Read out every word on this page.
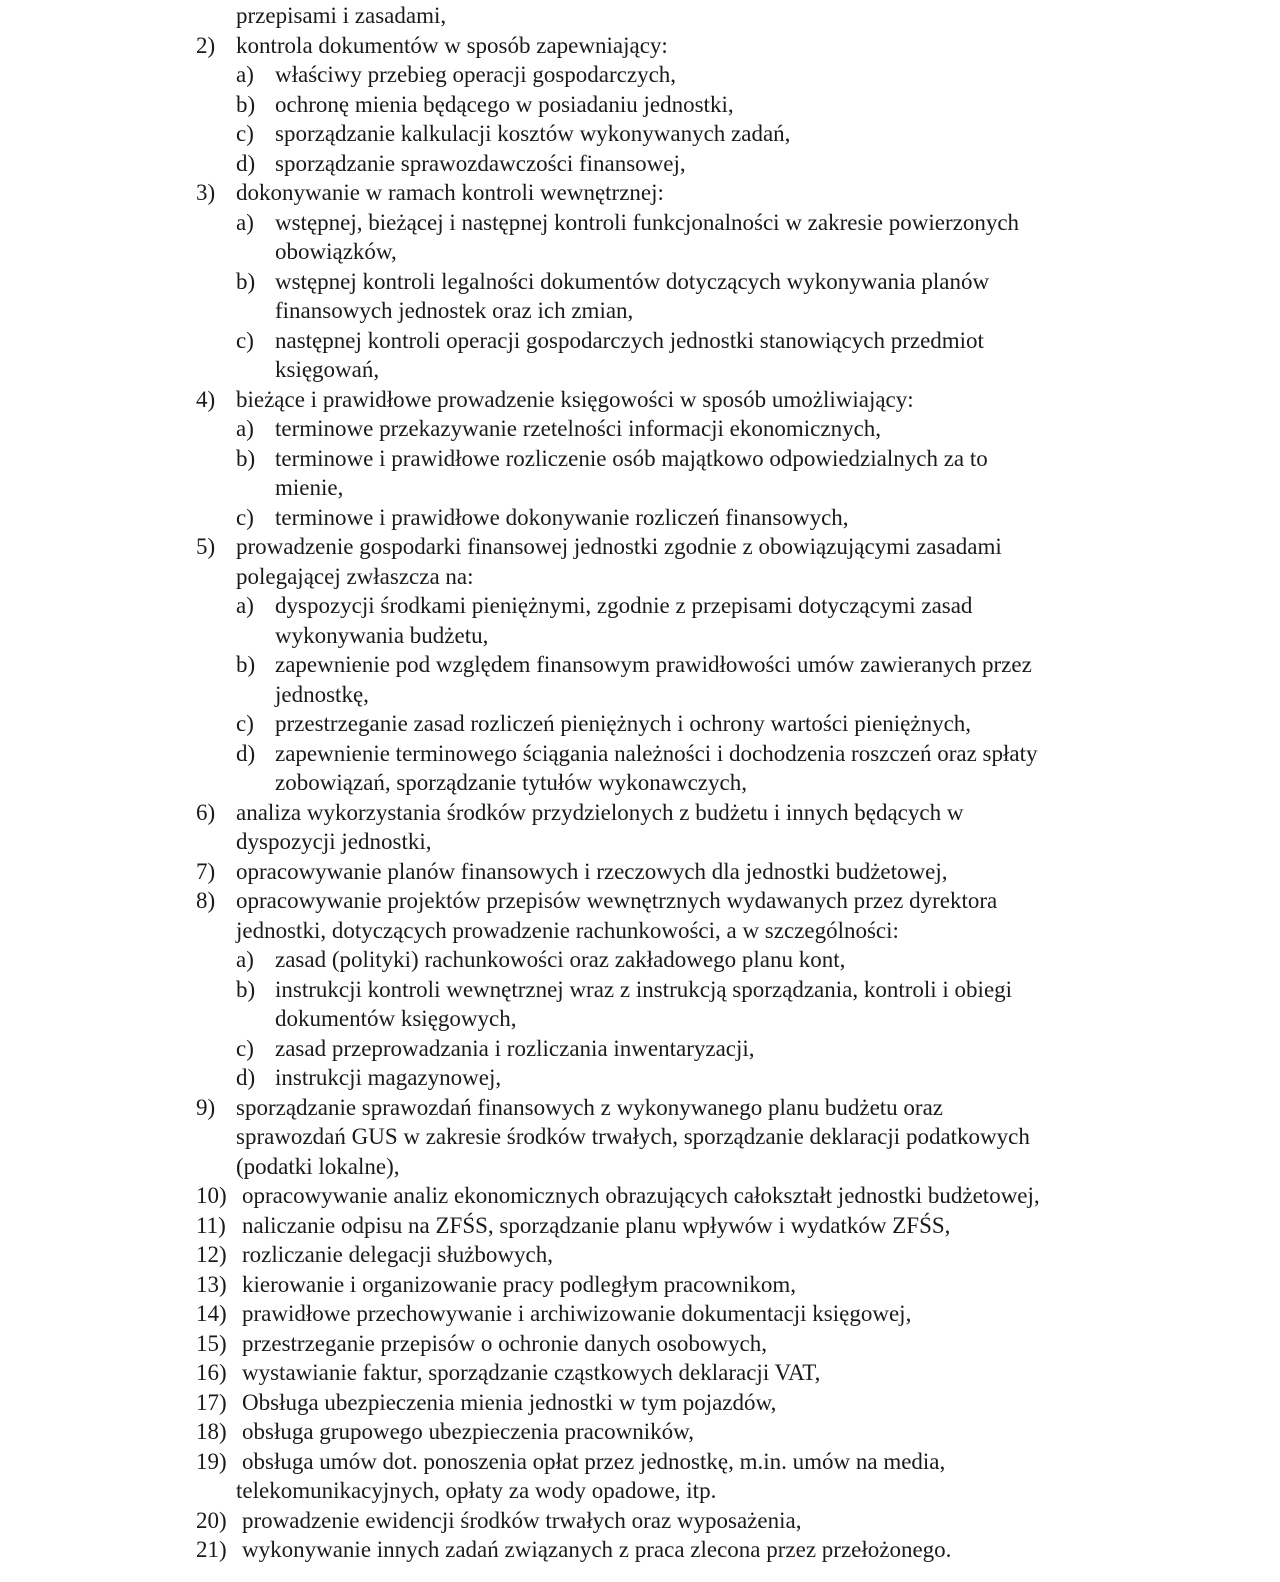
przepisami i zasadami,
2) kontrola dokumentów w sposób zapewniający:
a) właściwy przebieg operacji gospodarczych,
b) ochronę mienia będącego w posiadaniu jednostki,
c) sporządzanie kalkulacji kosztów wykonywanych zadań,
d) sporządzanie sprawozdawczości finansowej,
3) dokonywanie w ramach kontroli wewnętrznej:
a) wstępnej, bieżącej i następnej kontroli funkcjonalności w zakresie powierzonych
obowiązków,
b) wstępnej kontroli legalności dokumentów dotyczących wykonywania planów
finansowych jednostek oraz ich zmian,
c) następnej kontroli operacji gospodarczych jednostki stanowiących przedmiot
księgowań,
4) bieżące i prawidłowe prowadzenie księgowości w sposób umożliwiający:
a) terminowe przekazywanie rzetelności informacji ekonomicznych,
b) terminowe i prawidłowe rozliczenie osób majątkowo odpowiedzialnych za to
mienie,
c) terminowe i prawidłowe dokonywanie rozliczeń finansowych,
5) prowadzenie gospodarki finansowej jednostki zgodnie z obowiązującymi zasadami
polegającej zwłaszcza na:
a) dyspozycji środkami pieniężnymi, zgodnie z przepisami dotyczącymi zasad
wykonywania budżetu,
b) zapewnienie pod względem finansowym prawidłowości umów zawieranych przez
jednostkę,
c) przestrzeganie zasad rozliczeń pieniężnych i ochrony wartości pieniężnych,
d) zapewnienie terminowego ściągania należności i dochodzenia roszczeń oraz spłaty
zobowiązań, sporządzanie tytułów wykonawczych,
6) analiza wykorzystania środków przydzielonych z budżetu i innych będących w
dyspozycji jednostki,
7) opracowywanie planów finansowych i rzeczowych dla jednostki budżetowej,
8) opracowywanie projektów przepisów wewnętrznych wydawanych przez dyrektora
jednostki, dotyczących prowadzenie rachunkowości, a w szczególności:
a) zasad (polityki) rachunkowości oraz zakładowego planu kont,
b) instrukcji kontroli wewnętrznej wraz z instrukcją sporządzania, kontroli i obiegi
dokumentów księgowych,
c) zasad przeprowadzania i rozliczania inwentaryzacji,
d) instrukcji magazynowej,
9) sporządzanie sprawozdań finansowych z wykonywanego planu budżetu oraz
sprawozdań GUS w zakresie środków trwałych, sporządzanie deklaracji podatkowych
(podatki lokalne),
10) opracowywanie analiz ekonomicznych obrazujących całokształt jednostki budżetowej,
11) naliczanie odpisu na ZFŚS, sporządzanie planu wpływów i wydatków ZFŚS,
12) rozliczanie delegacji służbowych,
13) kierowanie i organizowanie pracy podległym pracownikom,
14) prawidłowe przechowywanie i archiwizowanie dokumentacji księgowej,
15) przestrzeganie przepisów o ochronie danych osobowych,
16) wystawianie faktur, sporządzanie cząstkowych deklaracji VAT,
17) Obsługa ubezpieczenia mienia jednostki w tym pojazdów,
18) obsługa grupowego ubezpieczenia pracowników,
19) obsługa umów dot. ponoszenia opłat przez jednostkę, m.in. umów na media,
telekomunikacyjnych, opłaty za wody opadowe, itp.
20) prowadzenie ewidencji środków trwałych oraz wyposażenia,
21) wykonywanie innych zadań związanych z praca zlecona przez przełożonego.
